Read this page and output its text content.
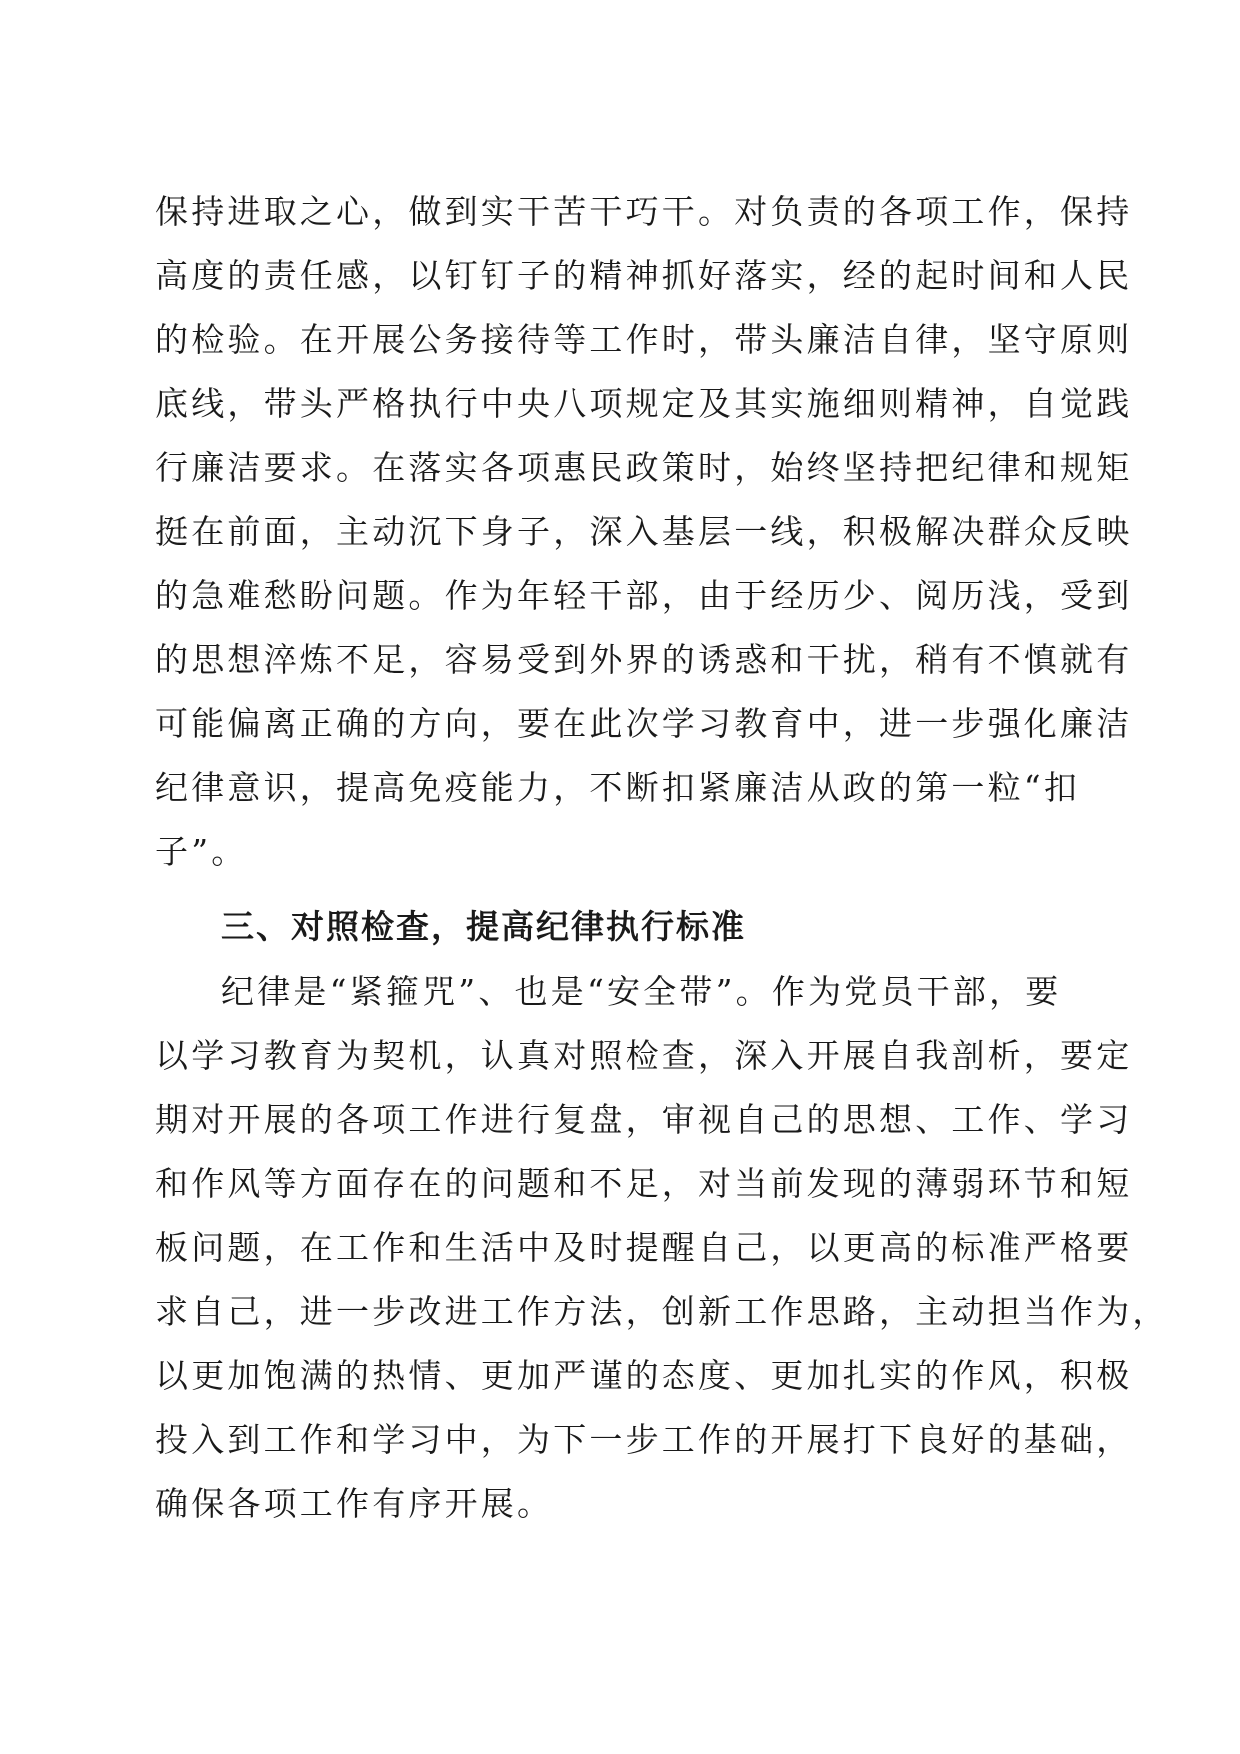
保持进取之心，做到实干苦干巧干。对负责的各项工作，保持
高度的责任感，以钉钉子的精神抓好落实，经的起时间和人民
的检验。在开展公务接待等工作时，带头廉洁自律，坚守原则
底线，带头严格执行中央八项规定及其实施细则精神，自觉践
行廉洁要求。在落实各项惠民政策时，始终坚持把纪律和规矩
挺在前面，主动沉下身子，深入基层一线，积极解决群众反映
的急难愁盼问题。作为年轻干部，由于经历少、阅历浅，受到
的思想淬炼不足，容易受到外界的诱惑和干扰，稍有不慎就有
可能偏离正确的方向，要在此次学习教育中，进一步强化廉洁
纪律意识，提高免疫能力，不断扣紧廉洁从政的第一粒“扣
子”。
三、对照检查，提高纪律执行标准
纪律是“紧箍咒”、也是“安全带”。作为党员干部，要
以学习教育为契机，认真对照检查，深入开展自我剖析，要定
期对开展的各项工作进行复盘，审视自己的思想、工作、学习
和作风等方面存在的问题和不足，对当前发现的薄弱环节和短
板问题，在工作和生活中及时提醒自己，以更高的标准严格要
求自己，进一步改进工作方法，创新工作思路，主动担当作为，
以更加饱满的热情、更加严谨的态度、更加扎实的作风，积极
投入到工作和学习中，为下一步工作的开展打下良好的基础，
确保各项工作有序开展。
